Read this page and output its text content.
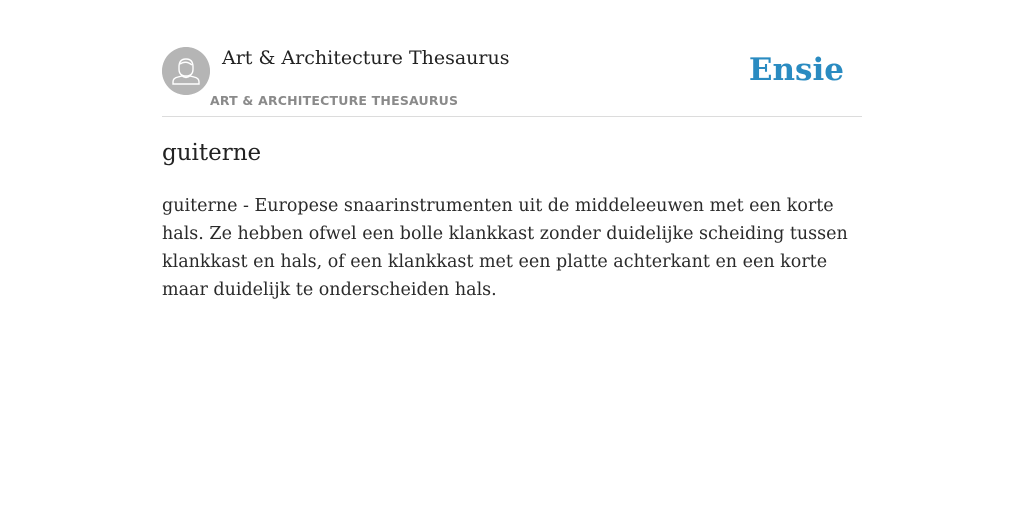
Art & Architecture Thesaurus
ART & ARCHITECTURE THESAURUS
Ensie
guiterne

guiterne - Europese snaarinstrumenten uit de middeleeuwen met een korte hals. Ze hebben ofwel een bolle klankkast zonder duidelijke scheiding tussen klankkast en hals, of een klankkast met een platte achterkant en een korte maar duidelijk te onderscheiden hals.
